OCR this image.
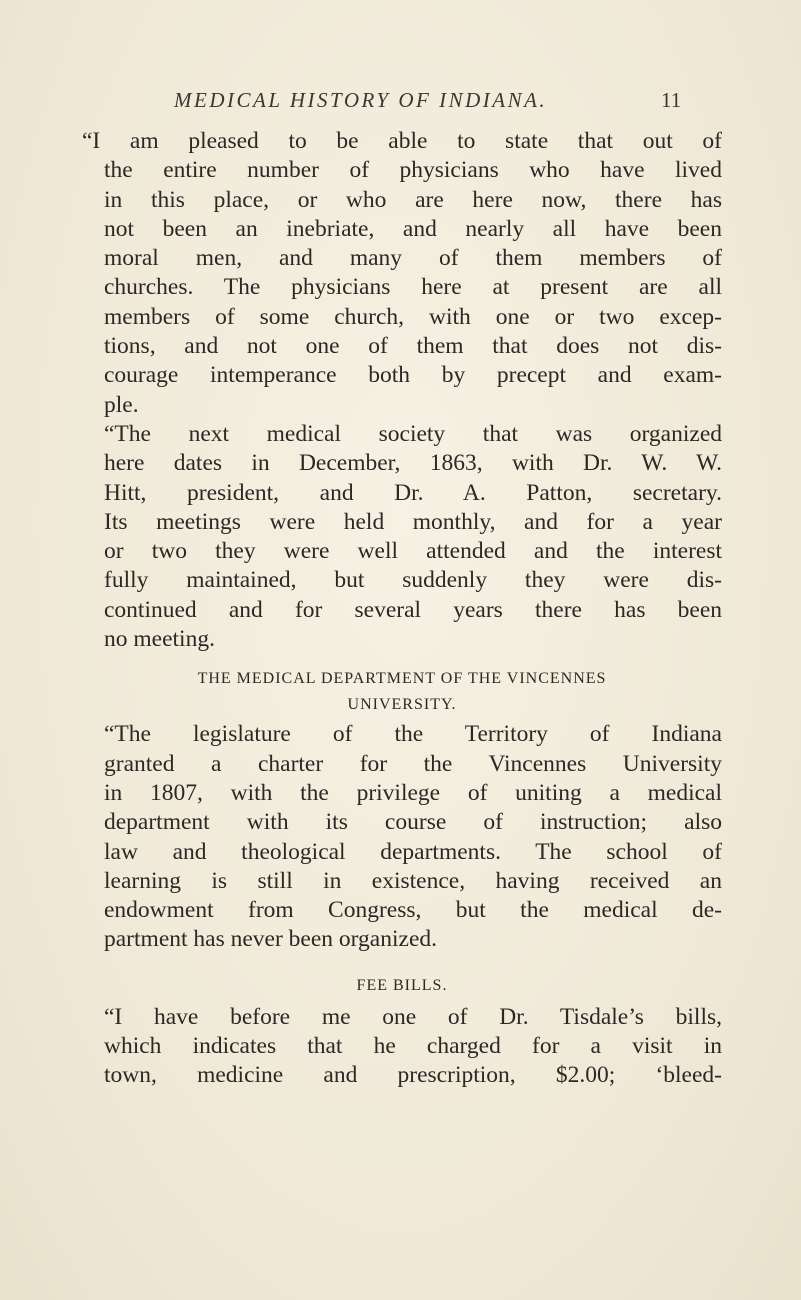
MEDICAL HISTORY OF INDIANA.	11
“I am pleased to be able to state that out of
the entire number of physicians who have lived
in this place, or who are here now, there has
not been an inebriate, and nearly all have been
moral men, and many of them members of
churches. The physicians here at present are all
members of some church, with one or two excep-
tions, and not one of them that does not dis-
courage intemperance both by precept and exam-
ple.
“The next medical society that was organized
here dates in December, 1863, with Dr. W. W.
Hitt, president, and Dr. A. Patton, secretary.
Its meetings were held monthly, and for a year
or two they were well attended and the interest
fully maintained, but suddenly they were dis-
continued and for several years there has been
no meeting.

THE MEDICAL DEPARTMENT OF THE VINCENNES

UNIVERSITY.

“The legislature of the Territory of Indiana
granted a charter for the Vincennes University
in 1807, with the privilege of uniting a medical
department with its course of instruction; also
law and theological departments. The school of
learning is still in existence, having received an
endowment from Congress, but the medical de-
partment has never been organized.

FEE BILLS.

“I have before me one of Dr. Tisdale’s bills,
which indicates that he charged for a visit in
town, medicine and prescription, $2.00; ‘bleed-
